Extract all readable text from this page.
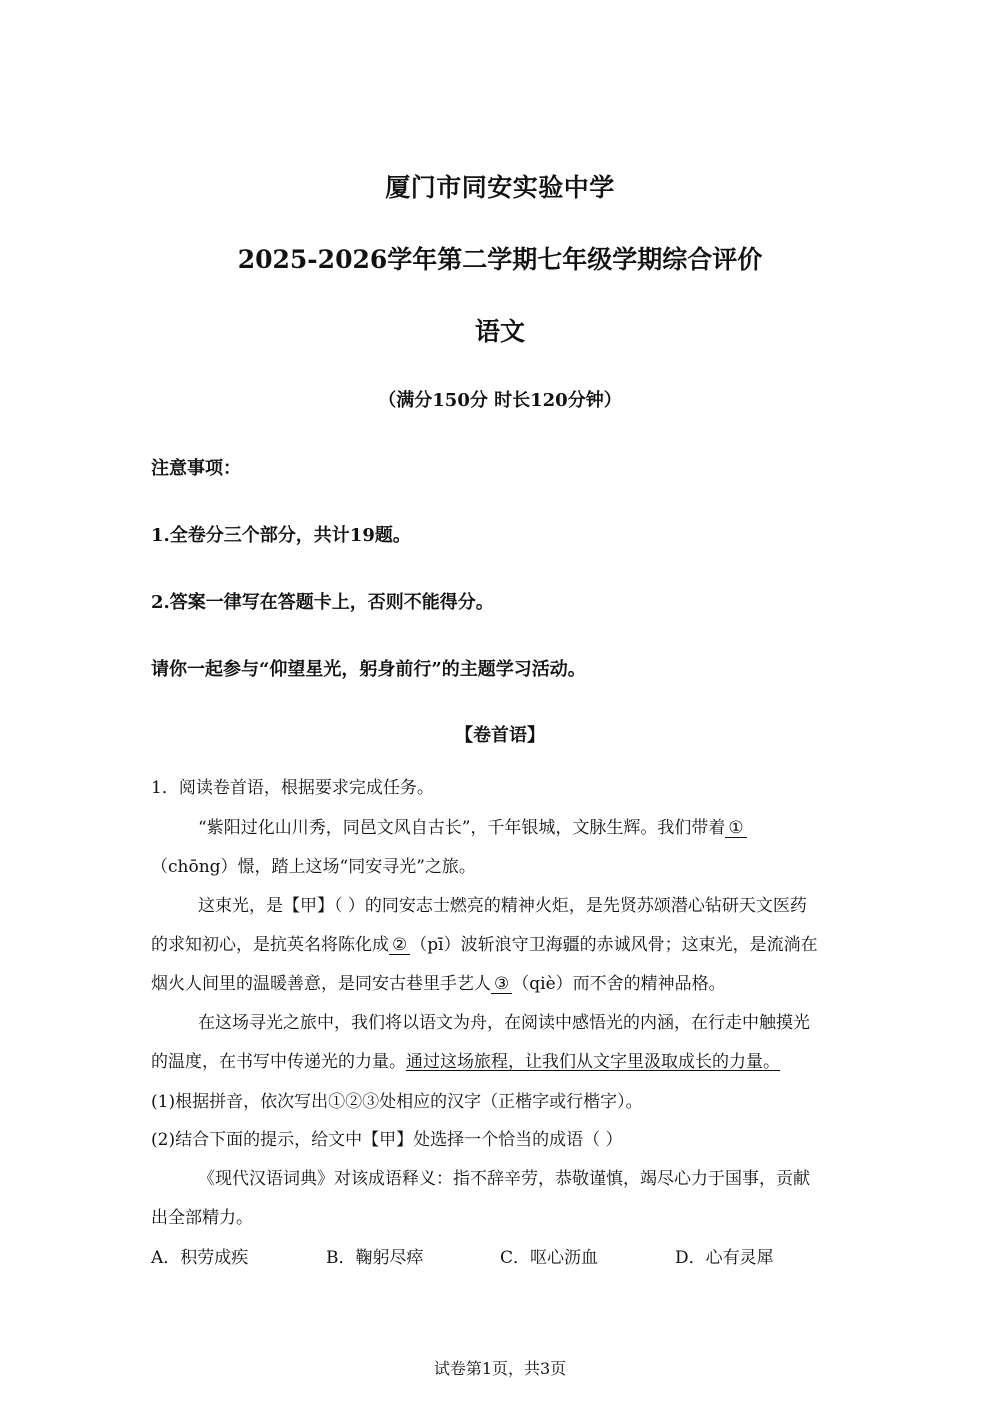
厦门市同安实验中学
2025-2026学年第二学期七年级学期综合评价
语文
（满分150分 时长120分钟）
注意事项：
1.全卷分三个部分，共计19题。
2.答案一律写在答题卡上，否则不能得分。
请你一起参与“仰望星光，躬身前行”的主题学习活动。
【卷首语】
1．阅读卷首语，根据要求完成任务。
“紫阳过化山川秀，同邑文风自古长”，千年银城，文脉生辉。我们带着 ①
（chōng）憬，踏上这场“同安寻光”之旅。
这束光，是【甲】（ ）的同安志士燃亮的精神火炬，是先贤苏颂潜心钻研天文医药
的求知初心，是抗英名将陈化成 ② （pī）波斩浪守卫海疆的赤诚风骨；这束光，是流淌在
烟火人间里的温暖善意，是同安古巷里手艺人 ③ （qiè）而不舍的精神品格。
在这场寻光之旅中，我们将以语文为舟，在阅读中感悟光的内涵，在行走中触摸光
的温度，在书写中传递光的力量。通过这场旅程，让我们从文字里汲取成长的力量。
(1)根据拼音，依次写出①②③处相应的汉字（正楷字或行楷字）。
(2)结合下面的提示，给文中【甲】处选择一个恰当的成语（ ）
《现代汉语词典》对该成语释义：指不辞辛劳，恭敬谨慎，竭尽心力于国事，贡献
出全部精力。
A．积劳成疾	B．鞠躬尽瘁	C．呕心沥血	D．心有灵犀
试卷第1页，共3页
